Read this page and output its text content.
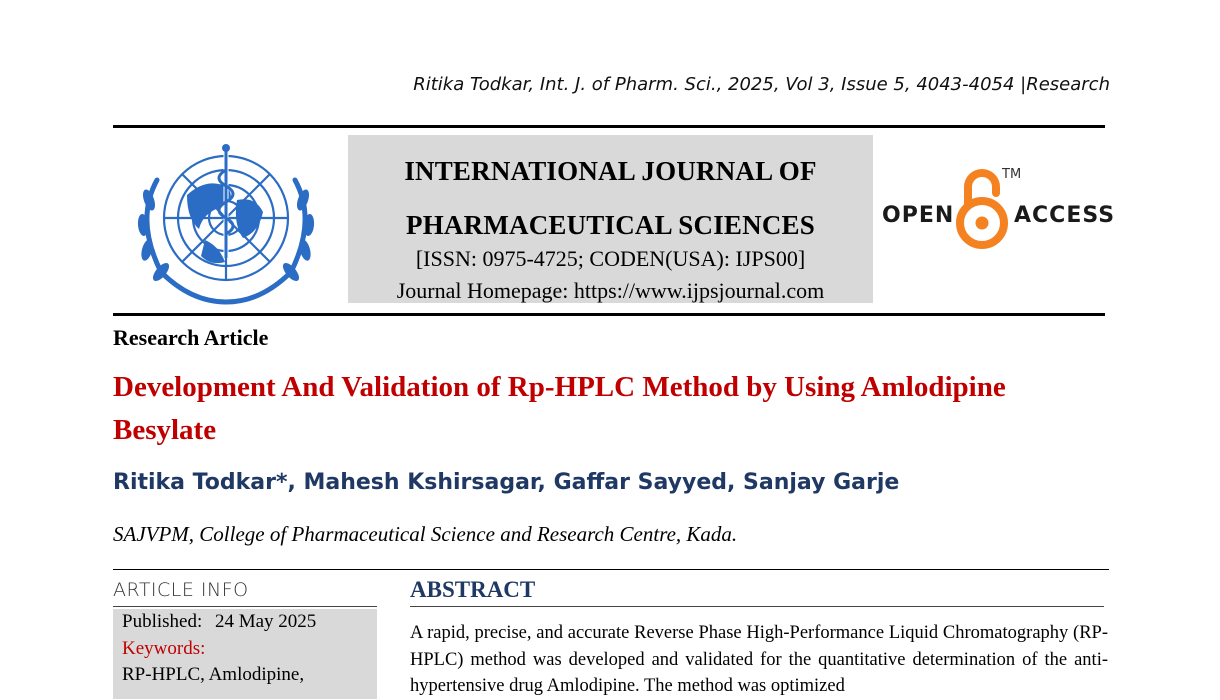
Ritika Todkar, Int. J. of Pharm. Sci., 2025, Vol 3, Issue 5, 4043-4054 |Research
INTERNATIONAL JOURNAL OF
PHARMACEUTICAL SCIENCES
[ISSN: 0975-4725; CODEN(USA): IJPS00]
Journal Homepage: https://www.ijpsjournal.com
OPEN	ACCESS
TM
Research Article
Development And Validation of Rp-HPLC Method by Using Amlodipine Besylate
Ritika Todkar*, Mahesh Kshirsagar, Gaffar Sayyed, Sanjay Garje
SAJVPM, College of Pharmaceutical Science and Research Centre, Kada.
ARTICLE INFO
Published: 24 May 2025
Keywords:
RP-HPLC, Amlodipine,
ABSTRACT
A rapid, precise, and accurate Reverse Phase High-Performance Liquid Chromatography (RP-HPLC) method was developed and validated for the quantitative determination of the anti-hypertensive drug Amlodipine. The method was optimized
